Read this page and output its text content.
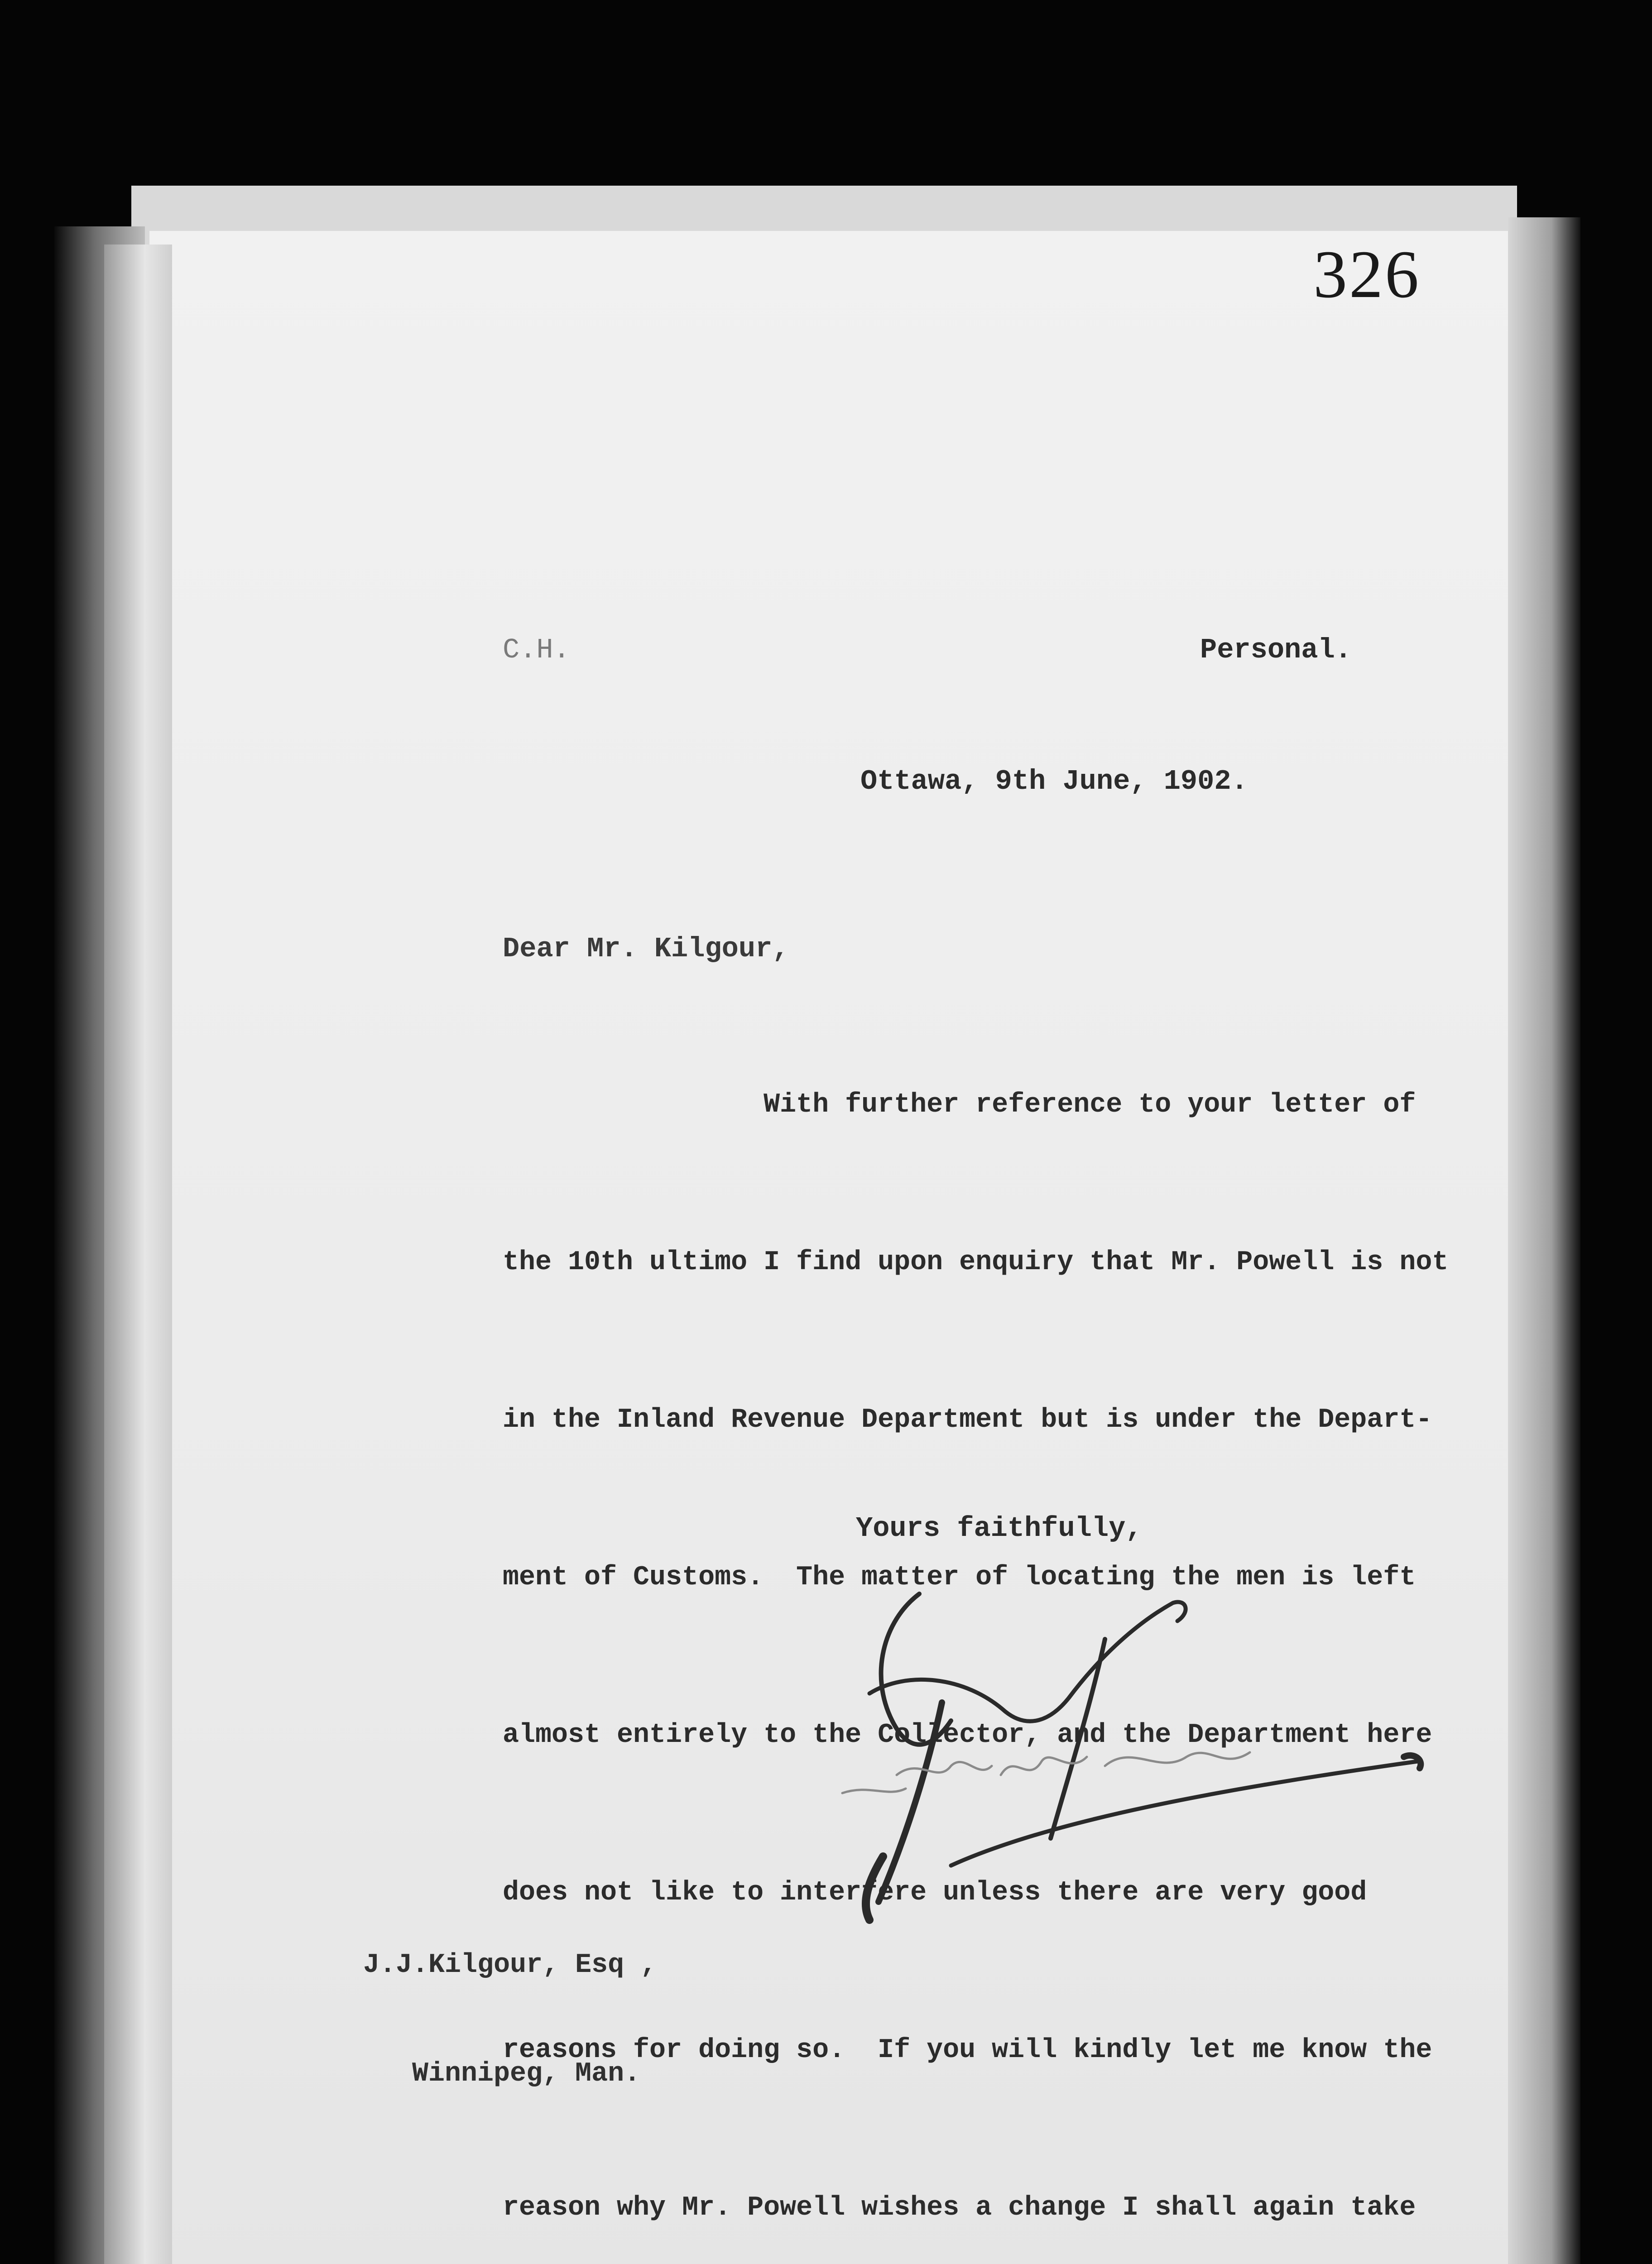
326
C.H.	Personal.
Ottawa, 9th June, 1902.
Dear Mr. Kilgour,

With further reference to your letter of

the 10th ultimo I find upon enquiry that Mr. Powell is not

in the Inland Revenue Department but is under the Depart-

ment of Customs.  The matter of locating the men is left

almost entirely to the Collector, and the Department here

does not like to interfere unless there are very good

reasons for doing so.  If you will kindly let me know the

reason why Mr. Powell wishes a change I shall again take

Yours faithfully,

J.J.Kilgour, Esq ,

Winnipeg, Man.
